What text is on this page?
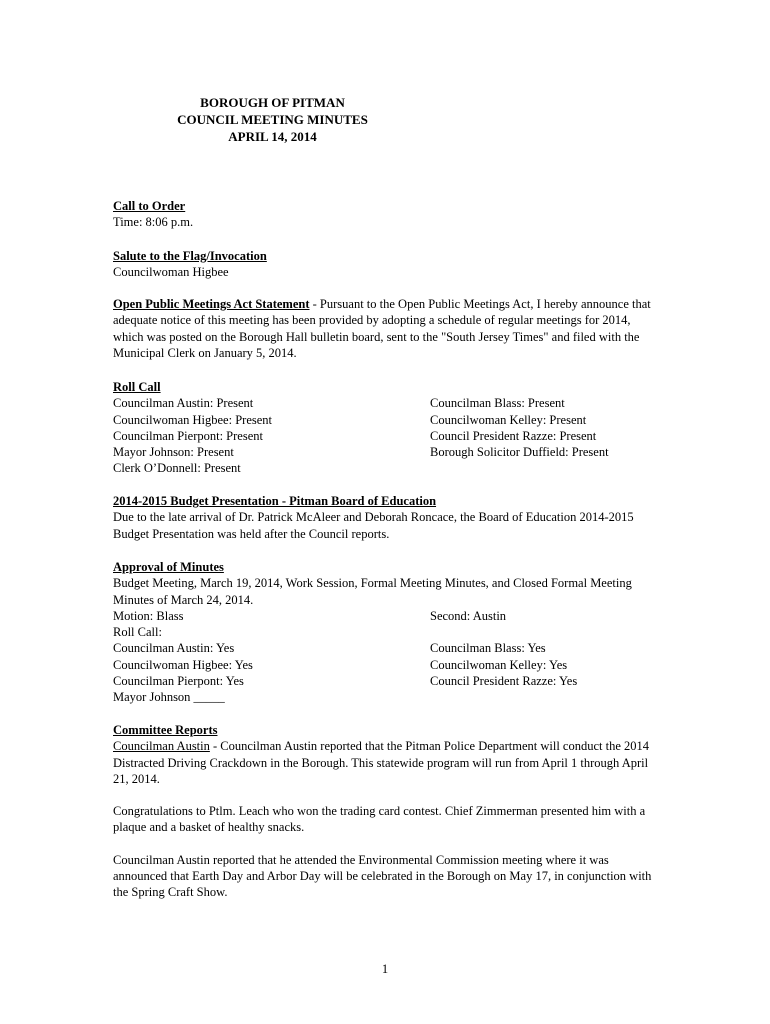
BOROUGH OF PITMAN
COUNCIL MEETING MINUTES
APRIL 14, 2014
Call to Order
Time: 8:06 p.m.
Salute to the Flag/Invocation
Councilwoman Higbee

Open Public Meetings Act Statement - Pursuant to the Open Public Meetings Act, I hereby announce that adequate notice of this meeting has been provided by adopting a schedule of regular meetings for 2014, which was posted on the Borough Hall bulletin board, sent to the "South Jersey Times" and filed with the Municipal Clerk on January 5, 2014.

Roll Call
Councilman Austin: Present
Councilwoman Higbee: Present
Councilman Pierpont: Present
Mayor Johnson: Present
Clerk O’Donnell: Present
Councilman Blass: Present
Councilwoman Kelley: Present
Council President Razze: Present
Borough Solicitor Duffield: Present
2014-2015 Budget Presentation - Pitman Board of Education

Due to the late arrival of Dr. Patrick McAleer and Deborah Roncace, the Board of Education 2014-2015 Budget Presentation was held after the Council reports.

Approval of Minutes

Budget Meeting, March 19, 2014, Work Session, Formal Meeting Minutes, and Closed Formal Meeting Minutes of March 24, 2014.

Motion: Blass	Second: Austin
Roll Call:
Councilman Austin: Yes
Councilwoman Higbee: Yes
Councilman Pierpont: Yes
Mayor Johnson _____
Councilman Blass: Yes
Councilwoman Kelley: Yes
Council President Razze: Yes
Committee Reports

Councilman Austin - Councilman Austin reported that the Pitman Police Department will conduct the 2014 Distracted Driving Crackdown in the Borough. This statewide program will run from April 1 through April 21, 2014.

Congratulations to Ptlm. Leach who won the trading card contest. Chief Zimmerman presented him with a plaque and a basket of healthy snacks.

Councilman Austin reported that he attended the Environmental Commission meeting where it was announced that Earth Day and Arbor Day will be celebrated in the Borough on May 17, in conjunction with the Spring Craft Show.

1
